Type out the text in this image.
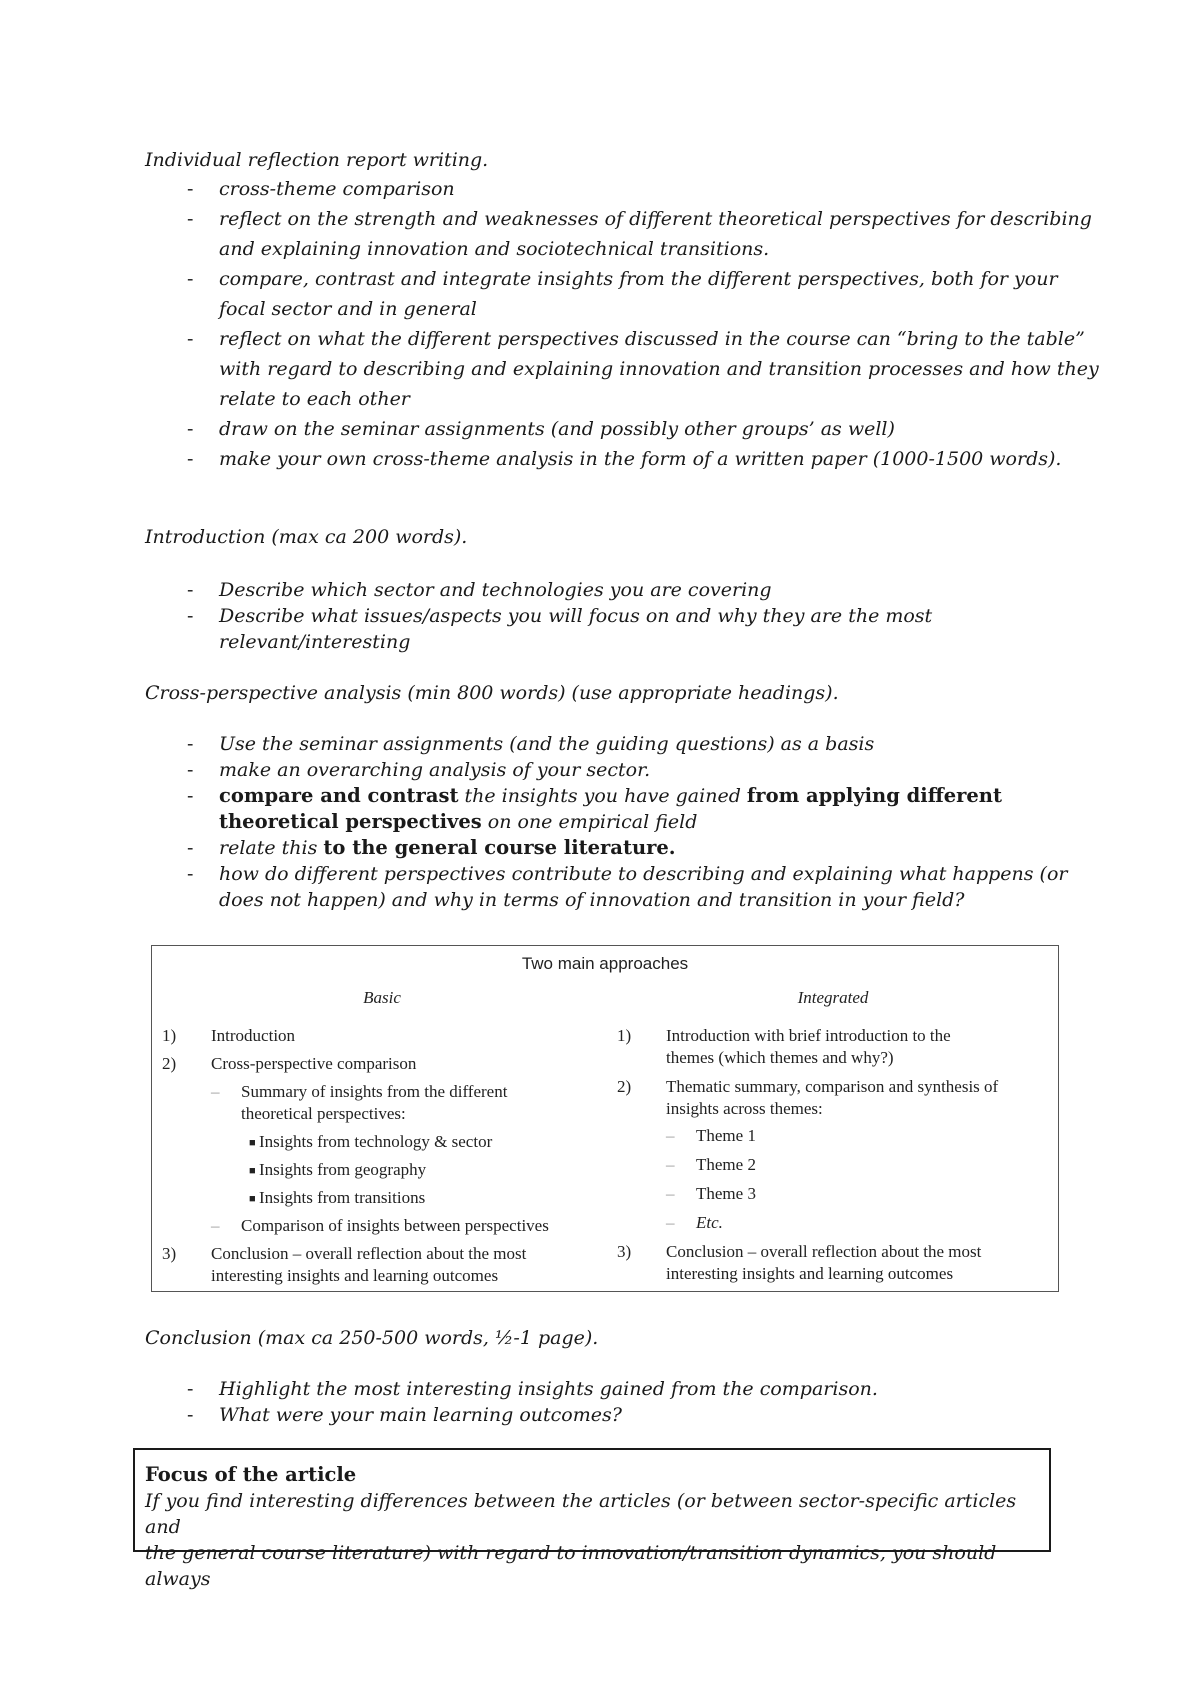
Individual reflection report writing.
- cross-theme comparison
- reflect on the strength and weaknesses of different theoretical perspectives for describing
and explaining innovation and sociotechnical transitions.
- compare, contrast and integrate insights from the different perspectives, both for your
focal sector and in general
- reflect on what the different perspectives discussed in the course can “bring to the table”
with regard to describing and explaining innovation and transition processes and how they
relate to each other
- draw on the seminar assignments (and possibly other groups’ as well)
- make your own cross-theme analysis in the form of a written paper (1000-1500 words).
Introduction (max ca 200 words).
- Describe which sector and technologies you are covering
- Describe what issues/aspects you will focus on and why they are the most
relevant/interesting
Cross-perspective analysis (min 800 words) (use appropriate headings).
- Use the seminar assignments (and the guiding questions) as a basis
- make an overarching analysis of your sector.
- compare and contrast the insights you have gained from applying different
theoretical perspectives on one empirical field
- relate this to the general course literature.
- how do different perspectives contribute to describing and explaining what happens (or
does not happen) and why in terms of innovation and transition in your field?
Two main approaches
Basic	Integrated
1)	Introduction
2)	Cross-perspective comparison
– Summary of insights from the different
theoretical perspectives:
■ Insights from technology & sector
■ Insights from geography
■ Insights from transitions
– Comparison of insights between perspectives
3)	Conclusion – overall reflection about the most
interesting insights and learning outcomes
1)	Introduction with brief introduction to the
themes (which themes and why?)
2)	Thematic summary, comparison and synthesis of
insights across themes:
– Theme 1
– Theme 2
– Theme 3
– Etc.
3)	Conclusion – overall reflection about the most
interesting insights and learning outcomes
Conclusion (max ca 250-500 words, ½-1 page).
- Highlight the most interesting insights gained from the comparison.
- What were your main learning outcomes?
Focus of the article
If you find interesting differences between the articles (or between sector-specific articles and
the general course literature) with regard to innovation/transition dynamics, you should always
